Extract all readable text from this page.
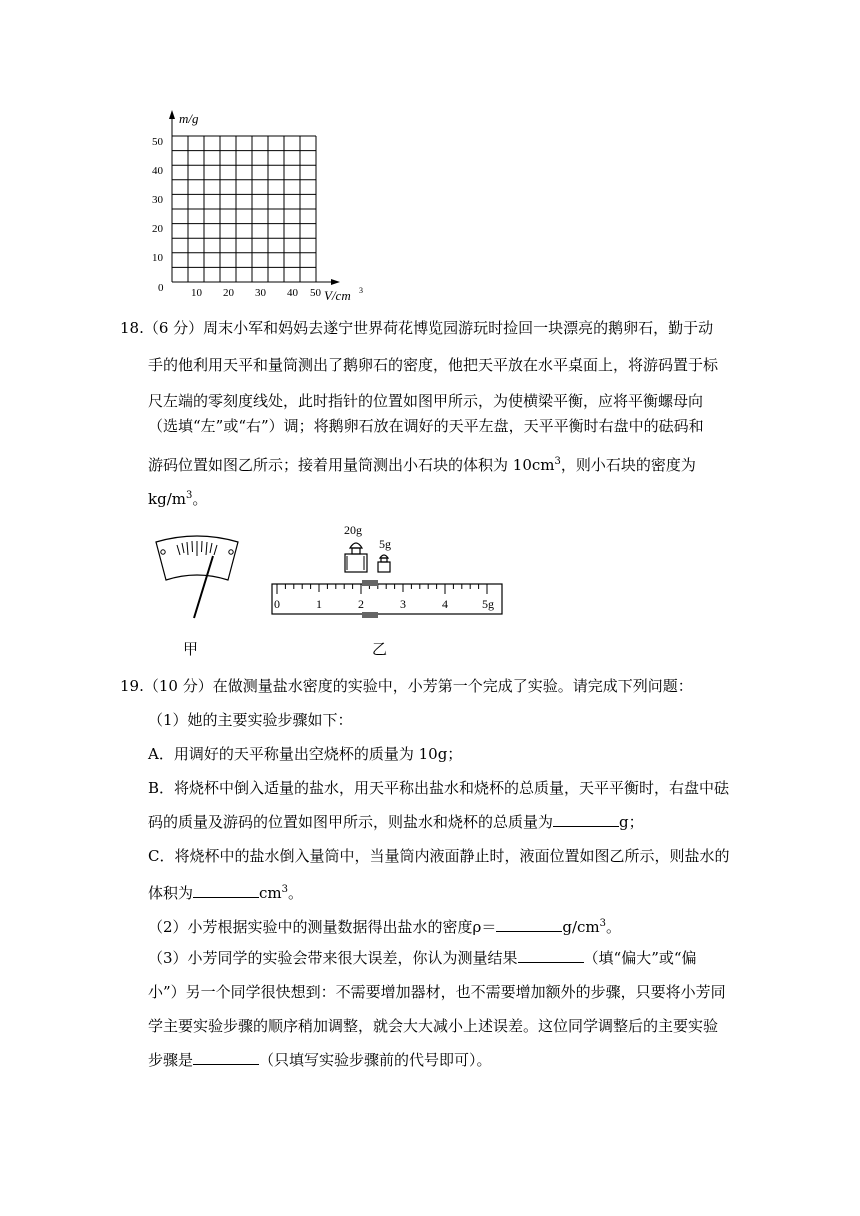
m/g
50
40
30
20
10
0	10 20 30 40 50 V/cm 3
18.（6 分）周末小军和妈妈去遂宁世界荷花博览园游玩时捡回一块漂亮的鹅卵石，勤于动
手的他利用天平和量筒测出了鹅卵石的密度，他把天平放在水平桌面上，将游码置于标
尺左端的零刻度线处，此时指针的位置如图甲所示，为使横梁平衡，应将平衡螺母向
（选填“左”或“右”）调；将鹅卵石放在调好的天平左盘，天平平衡时右盘中的砝码和
游码位置如图乙所示；接着用量筒测出小石块的体积为 $10cm^3$，则小石块的密度为
$kg/m^3$。
甲
20g
5g
0	1	2	3	4	5g
乙
19.（10 分）在做测量盐水密度的实验中，小芳第一个完成了实验。请完成下列问题：
（1）她的主要实验步骤如下：
A．用调好的天平称量出空烧杯的质量为 10g；
B．将烧杯中倒入适量的盐水，用天平称出盐水和烧杯的总质量，天平平衡时，右盘中砝
码的质量及游码的位置如图甲所示，则盐水和烧杯的总质量为	g；
C．将烧杯中的盐水倒入量筒中，当量筒内液面静止时，液面位置如图乙所示，则盐水的
体积为	$cm^3$。
（2）小芳根据实验中的测量数据得出盐水的密度ρ＝	$g/cm^3$。
（3）小芳同学的实验会带来很大误差，你认为测量结果	（填“偏大”或“偏
小”）另一个同学很快想到：不需要增加器材，也不需要增加额外的步骤，只要将小芳同
学主要实验步骤的顺序稍加调整，就会大大减小上述误差。这位同学调整后的主要实验
步骤是	（只填写实验步骤前的代号即可）。
